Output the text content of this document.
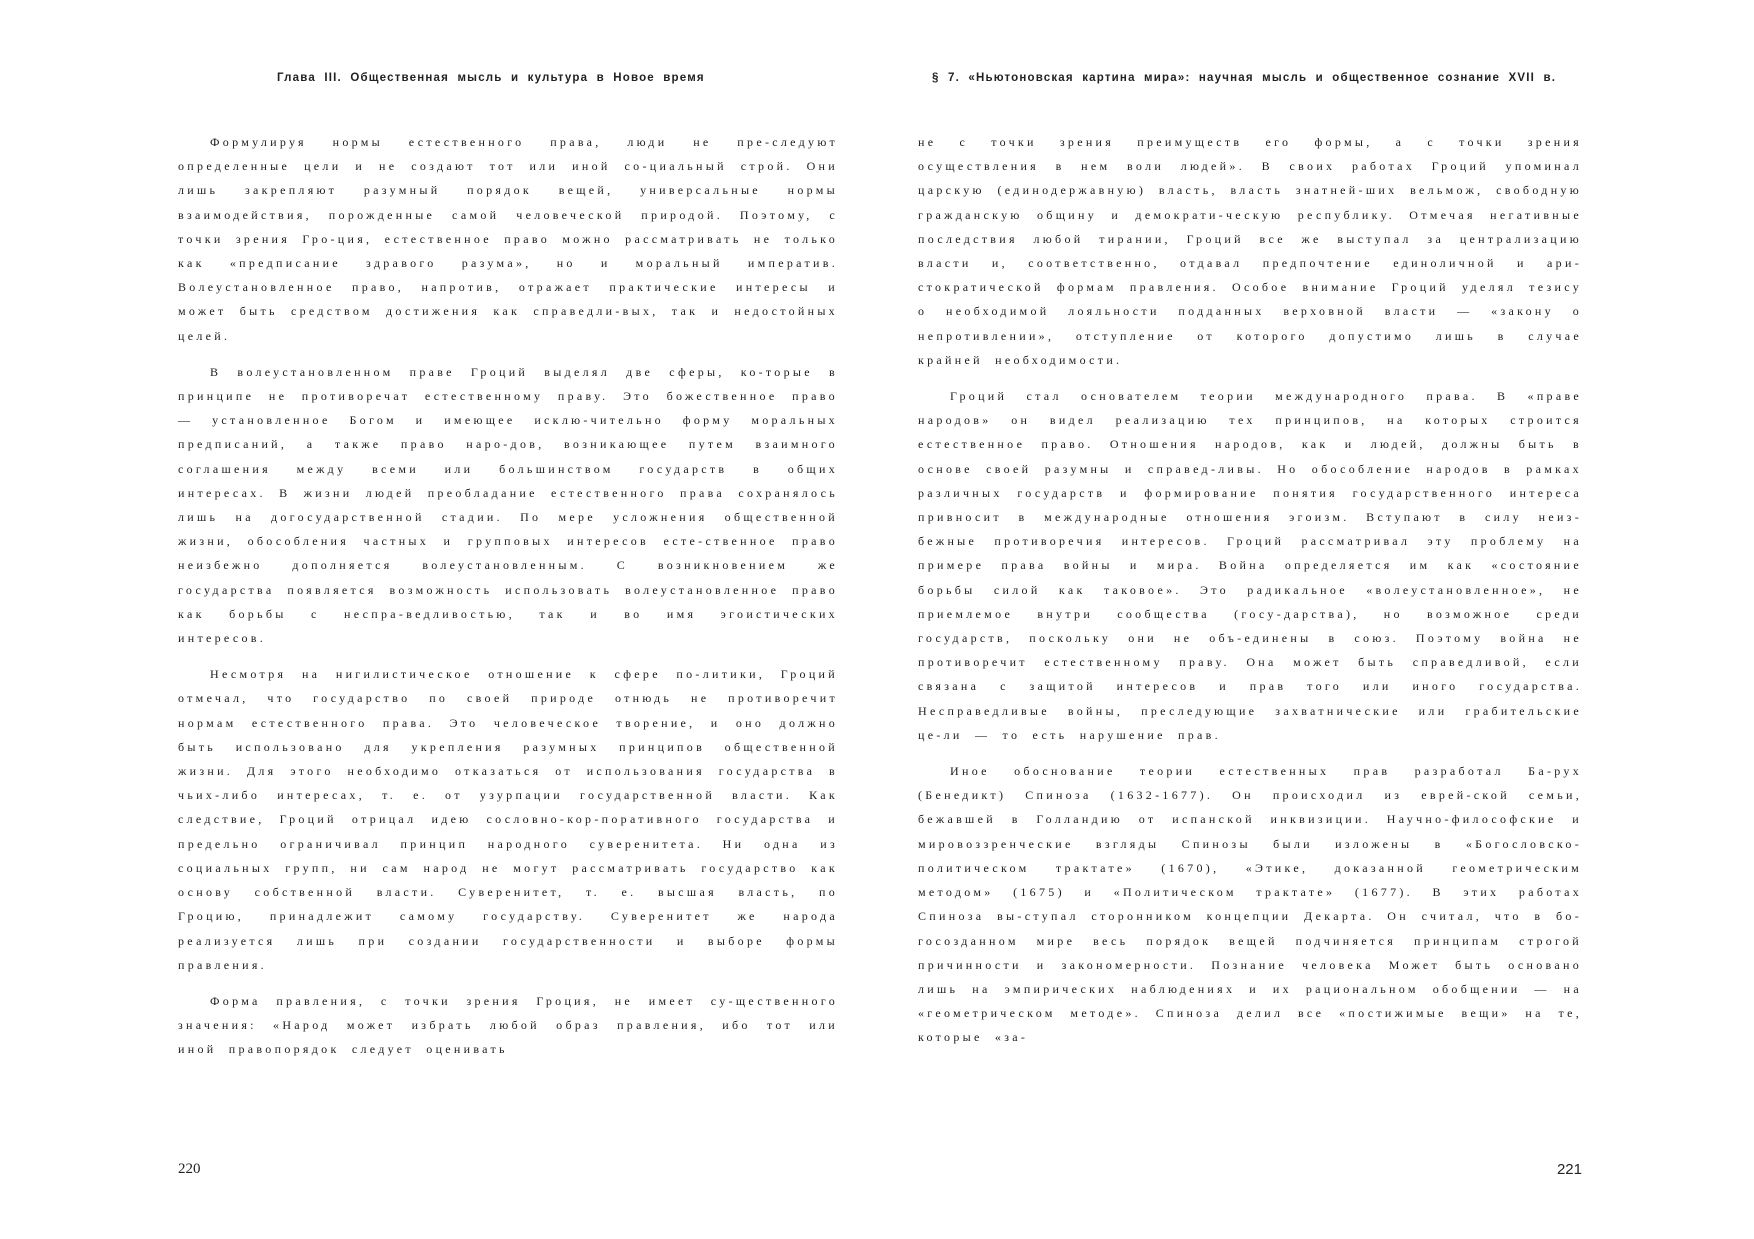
Глава III. Общественная мысль и культура в Новое время

Формулируя нормы естественного права, люди не пре-следуют определенные цели и не создают тот или иной со-циальный строй. Они лишь закрепляют разумный порядок вещей, универсальные нормы взаимодействия, порожденные самой человеческой природой. Поэтому, с точки зрения Гро-ция, естественное право можно рассматривать не только как «предписание здравого разума», но и моральный императив. Волеустановленное право, напротив, отражает практические интересы и может быть средством достижения как справедли-вых, так и недостойных целей.

В волеустановленном праве Гроций выделял две сферы, ко-торые в принципе не противоречат естественному праву. Это божественное право — установленное Богом и имеющее исклю-чительно форму моральных предписаний, а также право наро-дов, возникающее путем взаимного соглашения между всеми или большинством государств в общих интересах. В жизни людей преобладание естественного права сохранялось лишь на догосударственной стадии. По мере усложнения общественной жизни, обособления частных и групповых интересов есте-ственное право неизбежно дополняется волеустановленным. С возникновением же государства появляется возможность использовать волеустановленное право как борьбы с неспра-ведливостью, так и во имя эгоистических интересов.

Несмотря на нигилистическое отношение к сфере по-литики, Гроций отмечал, что государство по своей природе отнюдь не противоречит нормам естественного права. Это человеческое творение, и оно должно быть использовано для укрепления разумных принципов общественной жизни. Для этого необходимо отказаться от использования государства в чьих-либо интересах, т. е. от узурпации государственной власти. Как следствие, Гроций отрицал идею сословно-кор-поративного государства и предельно ограничивал принцип народного суверенитета. Ни одна из социальных групп, ни сам народ не могут рассматривать государство как основу собственной власти. Суверенитет, т. е. высшая власть, по Гроцию, принадлежит самому государству. Суверенитет же народа реализуется лишь при создании государственности и выборе формы правления.

Форма правления, с точки зрения Гроция, не имеет су-щественного значения: «Народ может избрать любой образ правления, ибо тот или иной правопорядок следует оценивать

220
§ 7. «Ньютоновская картина мира»: научная мысль и общественное сознание XVII в.

не с точки зрения преимуществ его формы, а с точки зрения осуществления в нем воли людей». В своих работах Гроций упоминал царскую (единодержавную) власть, власть знатней-ших вельмож, свободную гражданскую общину и демократи-ческую республику. Отмечая негативные последствия любой тирании, Гроций все же выступал за централизацию власти и, соответственно, отдавал предпочтение единоличной и ари-стократической формам правления. Особое внимание Гроций уделял тезису о необходимой лояльности подданных верховной власти — «закону о непротивлении», отступление от которого допустимо лишь в случае крайней необходимости.

Гроций стал основателем теории международного права. В «праве народов» он видел реализацию тех принципов, на которых строится естественное право. Отношения народов, как и людей, должны быть в основе своей разумны и справед-ливы. Но обособление народов в рамках различных государств и формирование понятия государственного интереса привносит в международные отношения эгоизм. Вступают в силу неиз-бежные противоречия интересов. Гроций рассматривал эту проблему на примере права войны и мира. Война определяется им как «состояние борьбы силой как таковое». Это радикальное «волеустановленное», не приемлемое внутри сообщества (госу-дарства), но возможное среди государств, поскольку они не объ-единены в союз. Поэтому война не противоречит естественному праву. Она может быть справедливой, если связана с защитой интересов и прав того или иного государства. Несправедливые войны, преследующие захватнические или грабительские це-ли — то есть нарушение прав.

Иное обоснование теории естественных прав разработал Ба-рух (Бенедикт) Спиноза (1632-1677). Он происходил из еврей-ской семьи, бежавшей в Голландию от испанской инквизиции. Научно-философские и мировоззренческие взгляды Спинозы были изложены в «Богословско-политическом трактате» (1670), «Этике, доказанной геометрическим методом» (1675) и «Политическом трактате» (1677). В этих работах Спиноза вы-ступал сторонником концепции Декарта. Он считал, что в бо-госозданном мире весь порядок вещей подчиняется принципам строгой причинности и закономерности. Познание человека Может быть основано лишь на эмпирических наблюдениях и их рациональном обобщении — на «геометрическом методе». Спиноза делил все «постижимые вещи» на те, которые «за-

221
